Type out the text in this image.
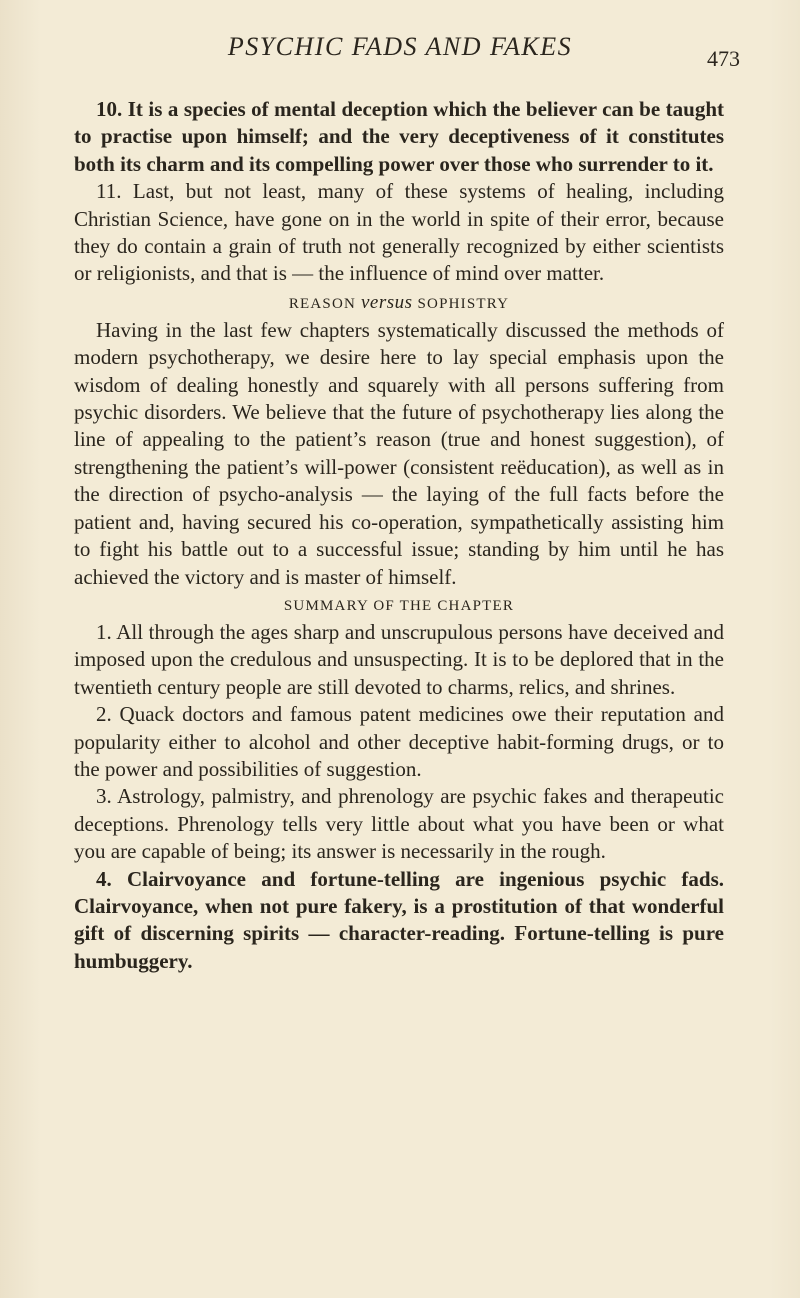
PSYCHIC FADS AND FAKES	473

10. It is a species of mental deception which the believer can be taught to practise upon himself; and the very deceptiveness of it constitutes both its charm and its compelling power over those who surrender to it.

11. Last, but not least, many of these systems of healing, including Christian Science, have gone on in the world in spite of their error, because they do contain a grain of truth not generally recognized by either scientists or religionists, and that is — the influence of mind over matter.

REASON versus SOPHISTRY

Having in the last few chapters systematically discussed the methods of modern psychotherapy, we desire here to lay special emphasis upon the wisdom of dealing honestly and squarely with all persons suffering from psychic disorders. We believe that the future of psychotherapy lies along the line of appealing to the patient’s reason (true and honest suggestion), of strengthening the patient’s will-power (consistent reëducation), as well as in the direction of psycho-analysis — the laying of the full facts before the patient and, having secured his co-operation, sympathetically assisting him to fight his battle out to a successful issue; standing by him until he has achieved the victory and is master of himself.

SUMMARY OF THE CHAPTER

1. All through the ages sharp and unscrupulous persons have deceived and imposed upon the credulous and unsuspecting. It is to be deplored that in the twentieth century people are still devoted to charms, relics, and shrines.

2. Quack doctors and famous patent medicines owe their reputation and popularity either to alcohol and other deceptive habit-forming drugs, or to the power and possibilities of suggestion.

3. Astrology, palmistry, and phrenology are psychic fakes and therapeutic deceptions. Phrenology tells very little about what you have been or what you are capable of being; its answer is necessarily in the rough.

4. Clairvoyance and fortune-telling are ingenious psychic fads. Clairvoyance, when not pure fakery, is a prostitution of that wonderful gift of discerning spirits — character-reading. Fortune-telling is pure humbuggery.
